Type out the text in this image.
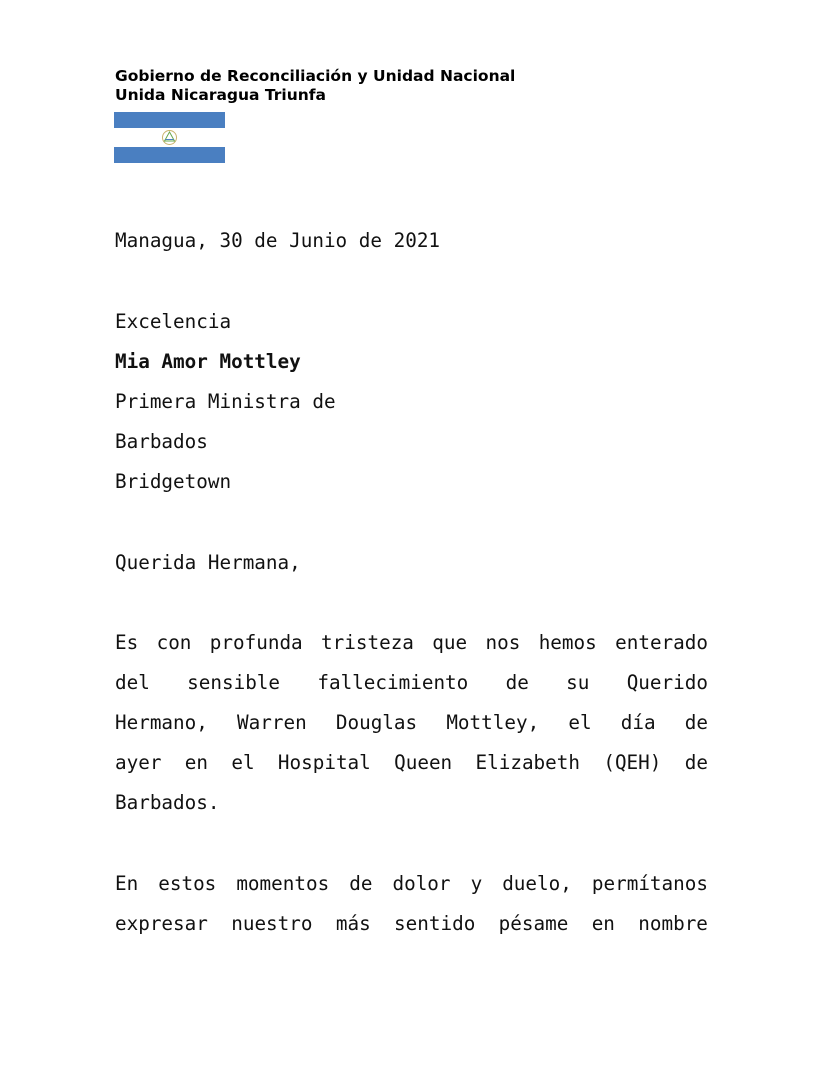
Gobierno de Reconciliación y Unidad Nacional
Unida Nicaragua Triunfa
Managua, 30 de Junio de 2021
Excelencia
Mia Amor Mottley
Primera Ministra de
Barbados
Bridgetown
Querida Hermana,
Es con profunda tristeza que nos hemos enterado
del sensible fallecimiento de su Querido
Hermano, Warren Douglas Mottley, el día de
ayer en el Hospital Queen Elizabeth (QEH) de
Barbados.
En estos momentos de dolor y duelo, permítanos
expresar nuestro más sentido pésame en nombre
